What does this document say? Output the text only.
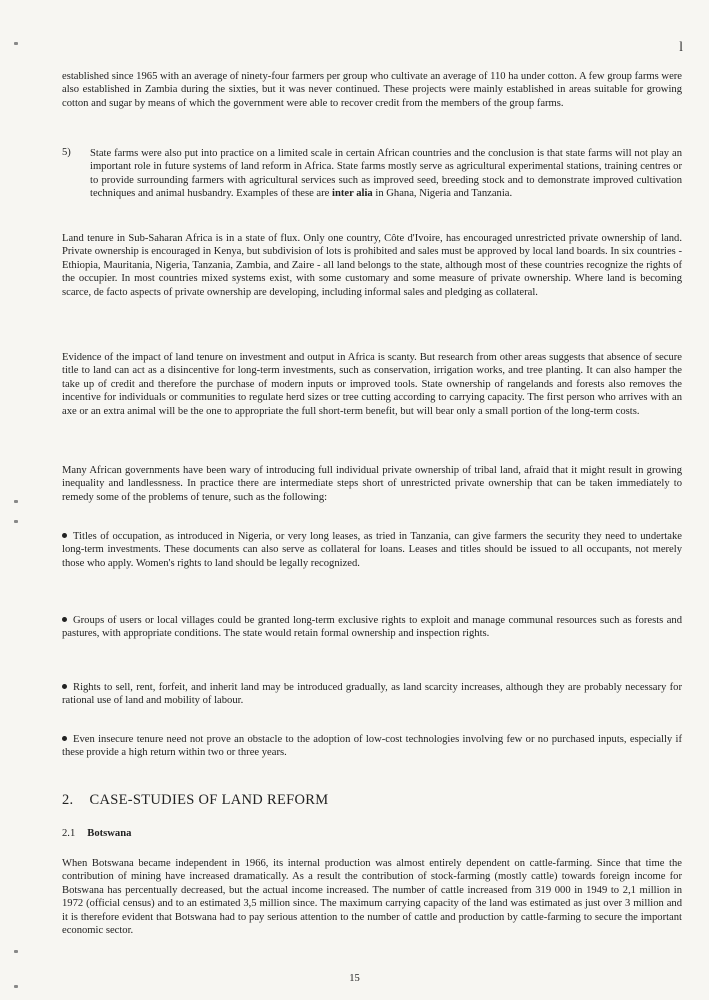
l

established since 1965 with an average of ninety-four farmers per group who cultivate an average of 110 ha under cotton. A few group farms were also established in Zambia during the sixties, but it was never continued. These projects were mainly established in areas suitable for growing cotton and sugar by means of which the government were able to recover credit from the members of the group farms.

5) State farms were also put into practice on a limited scale in certain African countries and the conclusion is that state farms will not play an important role in future systems of land reform in Africa. State farms mostly serve as agricultural experimental stations, training centres or to provide surrounding farmers with agricultural services such as improved seed, breeding stock and to demonstrate improved cultivation techniques and animal husbandry. Examples of these are inter alia in Ghana, Nigeria and Tanzania.

Land tenure in Sub-Saharan Africa is in a state of flux. Only one country, Côte d'Ivoire, has encouraged unrestricted private ownership of land. Private ownership is encouraged in Kenya, but subdivision of lots is prohibited and sales must be approved by local land boards. In six countries - Ethiopia, Mauritania, Nigeria, Tanzania, Zambia, and Zaire - all land belongs to the state, although most of these countries recognize the rights of the occupier. In most countries mixed systems exist, with some customary and some measure of private ownership. Where land is becoming scarce, de facto aspects of private ownership are developing, including informal sales and pledging as collateral.

Evidence of the impact of land tenure on investment and output in Africa is scanty. But research from other areas suggests that absence of secure title to land can act as a disincentive for long-term investments, such as conservation, irrigation works, and tree planting. It can also hamper the take up of credit and therefore the purchase of modern inputs or improved tools. State ownership of rangelands and forests also removes the incentive for individuals or communities to regulate herd sizes or tree cutting according to carrying capacity. The first person who arrives with an axe or an extra animal will be the one to appropriate the full short-term benefit, but will bear only a small portion of the long-term costs.

Many African governments have been wary of introducing full individual private ownership of tribal land, afraid that it might result in growing inequality and landlessness. In practice there are intermediate steps short of unrestricted private ownership that can be taken immediately to remedy some of the problems of tenure, such as the following:

Titles of occupation, as introduced in Nigeria, or very long leases, as tried in Tanzania, can give farmers the security they need to undertake long-term investments. These documents can also serve as collateral for loans. Leases and titles should be issued to all occupants, not merely those who apply. Women's rights to land should be legally recognized.

Groups of users or local villages could be granted long-term exclusive rights to exploit and manage communal resources such as forests and pastures, with appropriate conditions. The state would retain formal ownership and inspection rights.

Rights to sell, rent, forfeit, and inherit land may be introduced gradually, as land scarcity increases, although they are probably necessary for rational use of land and mobility of labour.

Even insecure tenure need not prove an obstacle to the adoption of low-cost technologies involving few or no purchased inputs, especially if these provide a high return within two or three years.

2. CASE-STUDIES OF LAND REFORM
2.1 Botswana

When Botswana became independent in 1966, its internal production was almost entirely dependent on cattle-farming. Since that time the contribution of mining have increased dramatically. As a result the contribution of stock-farming (mostly cattle) towards foreign income for Botswana has percentually decreased, but the actual income increased. The number of cattle increased from 319 000 in 1949 to 2,1 million in 1972 (official census) and to an estimated 3,5 million since. The maximum carrying capacity of the land was estimated as just over 3 million and it is therefore evident that Botswana had to pay serious attention to the number of cattle and production by cattle-farming to secure the important economic sector.

15
